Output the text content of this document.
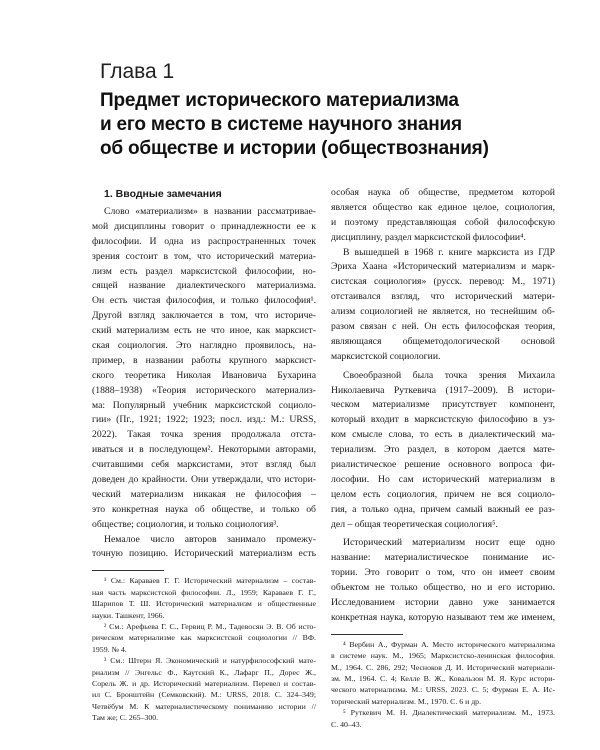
Глава 1
Предмет исторического материализма
и его место в системе научного знания
об обществе и истории (обществознания)
1. Вводные замечания
Слово «материализм» в названии рассматривае-
мой дисциплины говорит о принадлежности ее к
философии. И одна из распространенных точек
зрения состоит в том, что исторический материа-
лизм есть раздел марксистской философии, но-
сящей название диалектического материализма.
Он есть чистая философия, и только философия¹.
Другой взгляд заключается в том, что историче-
ский материализм есть не что иное, как марксист-
ская социология. Это наглядно проявилось, на-
пример, в названии работы крупного марксист-
ского теоретика Николая Ивановича Бухарина
(1888–1938) «Теория исторического материализ-
ма: Популярный учебник марксистской социоло-
гии» (Пг., 1921; 1922; 1923; посл. изд.: М.: URSS,
2022). Такая точка зрения продолжала отста-
иваться и в последующем². Некоторыми авторами,
считавшими себя марксистами, этот взгляд был
доведен до крайности. Они утверждали, что истори-
ческий материализм никакая не философия –
это конкретная наука об обществе, и только об
обществе; социология, и только социология³.
Немалое число авторов занимало промежу-
точную позицию. Исторический материализм есть
¹ См.: Караваев Г. Г. Исторический материализм – состав-
ная часть марксистской философии. Л., 1959; Караваев Г. Г.,
Шарипов Т. Ш. Исторический материализм и общественные
науки. Ташкент, 1966.
² См.: Арефьева Г. С., Гервиц Р. М., Тадевосян Э. В. Об исто-
рическом материализме как марксистской социологии // ВФ.
1959. № 4.
³ См.: Штерн Я. Экономический и натурфилософский мате-
риализм // Энгельс Ф., Каутский К., Лафарг П., Дорес Ж.,
Сорель Ж. и др. Исторический материализм. Перевел и состав-
ил С. Бронштейн (Семковский). М.: URSS, 2018. С. 324–349;
Четвёбум М. К материалистическому пониманию истории //
Там же; С. 265–300.
особая наука об обществе, предметом которой
является общество как единое целое, социология,
и поэтому представляющая собой философскую
дисциплину, раздел марксистской философии⁴.
В вышедшей в 1968 г. книге марксиста из ГДР
Эриха Хаана «Исторический материализм и марк-
систская социология» (русск. перевод: М., 1971)
отстаивался взгляд, что исторический матери-
ализм социологией не является, но теснейшим об-
разом связан с ней. Он есть философская теория,
являющаяся общеметодологической основой
марксистской социологии.
Своеобразной была точка зрения Михаила
Николаевича Руткевича (1917–2009). В истори-
ческом материализме присутствует компонент,
который входит в марксистскую философию в уз-
ком смысле слова, то есть в диалектический ма-
териализм. Это раздел, в котором дается мате-
риалистическое решение основного вопроса фи-
лософии. Но сам исторический материализм в
целом есть социология, причем не вся социоло-
гия, а только одна, причем самый важный ее раз-
дел – общая теоретическая социология⁵.
Исторический материализм носит еще одно
название: материалистическое понимание ис-
тории. Это говорит о том, что он имеет своим
объектом не только общество, но и его историю.
Исследованием истории давно уже занимается
конкретная наука, которую называют тем же именем,
⁴ Вербин А., Фурман А. Место исторического материализма
в системе наук. М., 1965; Марксистско-ленинская философия.
М., 1964. С. 286, 292; Чесноков Д. И. Исторический материали-
зм. М., 1964. С. 4; Келле В. Ж., Ковальзон М. Я. Курс истори-
ческого материализма. М.: URSS, 2023. С. 5; Фурман Е. А. Ис-
торический материализм. М., 1970. С. 6 и др.
⁵ Руткевич М. Н. Диалектический материализм. М., 1973.
С. 40–43.
